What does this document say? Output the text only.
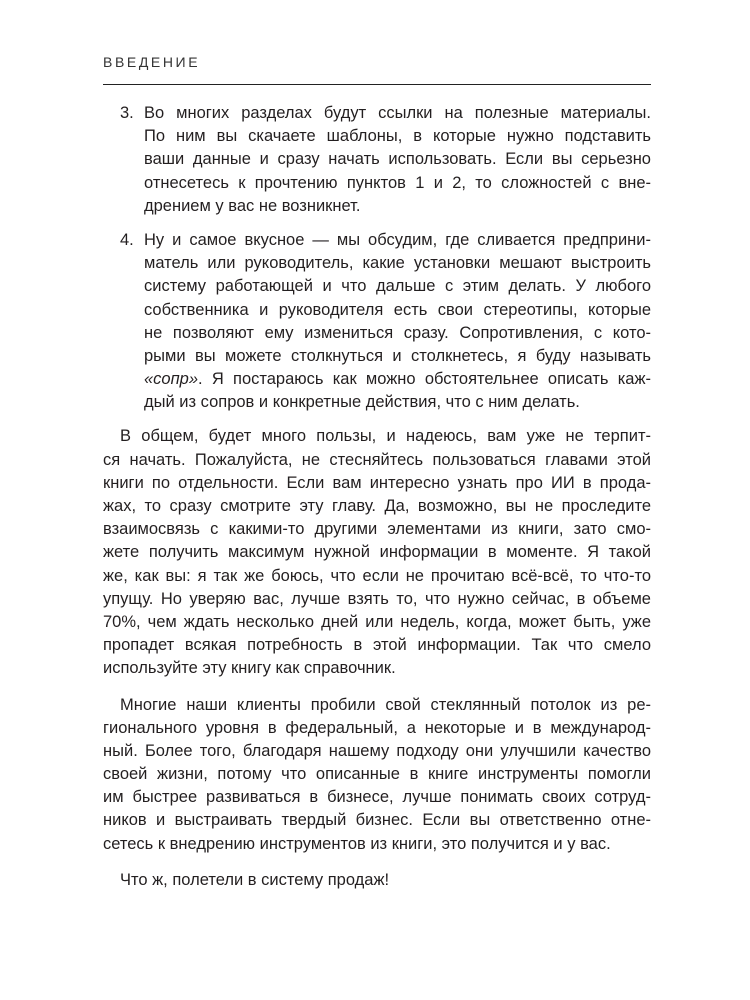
ВВЕДЕНИЕ
3. Во многих разделах будут ссылки на полезные материалы.
По ним вы скачаете шаблоны, в которые нужно подставить
ваши данные и сразу начать использовать. Если вы серьезно
отнесетесь к прочтению пунктов 1 и 2, то сложностей с вне-
дрением у вас не возникнет.
4. Ну и самое вкусное — мы обсудим, где сливается предприни-
матель или руководитель, какие установки мешают выстроить
систему работающей и что дальше с этим делать. У любого
собственника и руководителя есть свои стереотипы, которые
не позволяют ему измениться сразу. Сопротивления, с кото-
рыми вы можете столкнуться и столкнетесь, я буду называть
«сопр». Я постараюсь как можно обстоятельнее описать каж-
дый из сопров и конкретные действия, что с ним делать.
В общем, будет много пользы, и надеюсь, вам уже не терпит-
ся начать. Пожалуйста, не стесняйтесь пользоваться главами этой
книги по отдельности. Если вам интересно узнать про ИИ в прода-
жах, то сразу смотрите эту главу. Да, возможно, вы не проследите
взаимосвязь с какими-то другими элементами из книги, зато смо-
жете получить максимум нужной информации в моменте. Я такой
же, как вы: я так же боюсь, что если не прочитаю всё-всё, то что-то
упущу. Но уверяю вас, лучше взять то, что нужно сейчас, в объеме
70%, чем ждать несколько дней или недель, когда, может быть, уже
пропадет всякая потребность в этой информации. Так что смело
используйте эту книгу как справочник.
Многие наши клиенты пробили свой стеклянный потолок из ре-
гионального уровня в федеральный, а некоторые и в международ-
ный. Более того, благодаря нашему подходу они улучшили качество
своей жизни, потому что описанные в книге инструменты помогли
им быстрее развиваться в бизнесе, лучше понимать своих сотруд-
ников и выстраивать твердый бизнес. Если вы ответственно отне-
сетесь к внедрению инструментов из книги, это получится и у вас.
Что ж, полетели в систему продаж!
